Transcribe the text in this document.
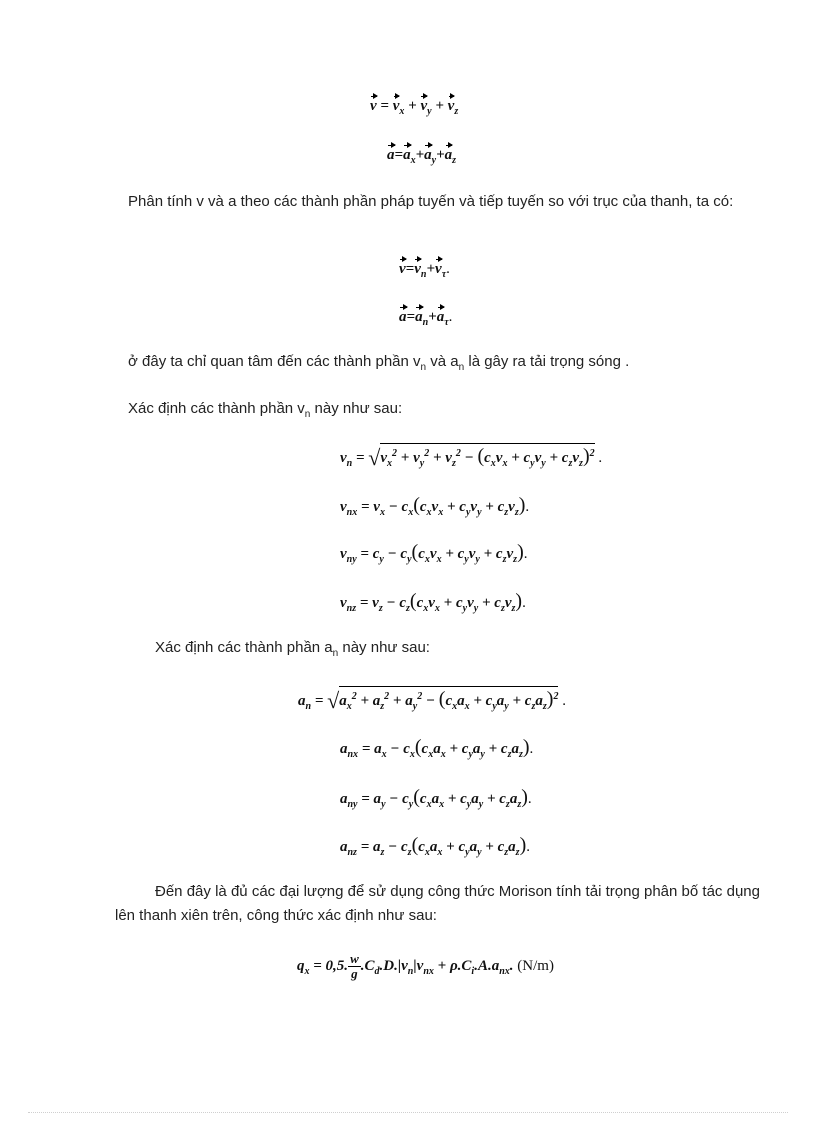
$v = v_x + v_y + v_z$
$a=a_x+a_y+a_z$
Phân tính v và a theo các thành phần pháp tuyến và tiếp tuyến so với trục của thanh, ta có:
$v=v_n+v_\tau$.
$a=a_n+a_\tau$.
ở đây ta chỉ quan tâm đến các thành phần $v_n$ và $a_n$ là gây ra tải trọng sóng .
Xác định các thành phần $v_n$ này như sau:
$v_n = √v_x^2 + v_y^2 + v_z^2 - (c_xv_x + c_yv_y + c_zv_z)^2$ .
$v_{nx} = v_x - c_x(c_xv_x + c_yv_y + c_zv_z)$.
$v_{ny} = c_y - c_y(c_xv_x + c_yv_y + c_zv_z)$.
$v_{nz} = v_z - c_z(c_xv_x + c_yv_y + c_zv_z)$.
Xác định các thành phần $a_n$ này như sau:
$a_n = √a_x^2 + a_z^2 + a_y^2 - (c_xa_x + c_ya_y + c_za_z)^2$ .
$a_{nx} = a_x - c_x(c_xa_x + c_ya_y + c_za_z)$.
$a_{ny} = a_y - c_y(c_xa_x + c_ya_y + c_za_z)$.
$a_{nz} = a_z - c_z(c_xa_x + c_ya_y + c_za_z)$.
Đến đây là đủ các đại lượng để sử dụng công thức Morison tính tải trọng phân bố tác dụng lên thanh xiên trên, công thức xác định như sau:
$q_x = 0,5$. $\frac{w}{g} .C_d.D.|v_n|v_{nx} + \rho.C_i.A.a_{nx}$. (N/m)
